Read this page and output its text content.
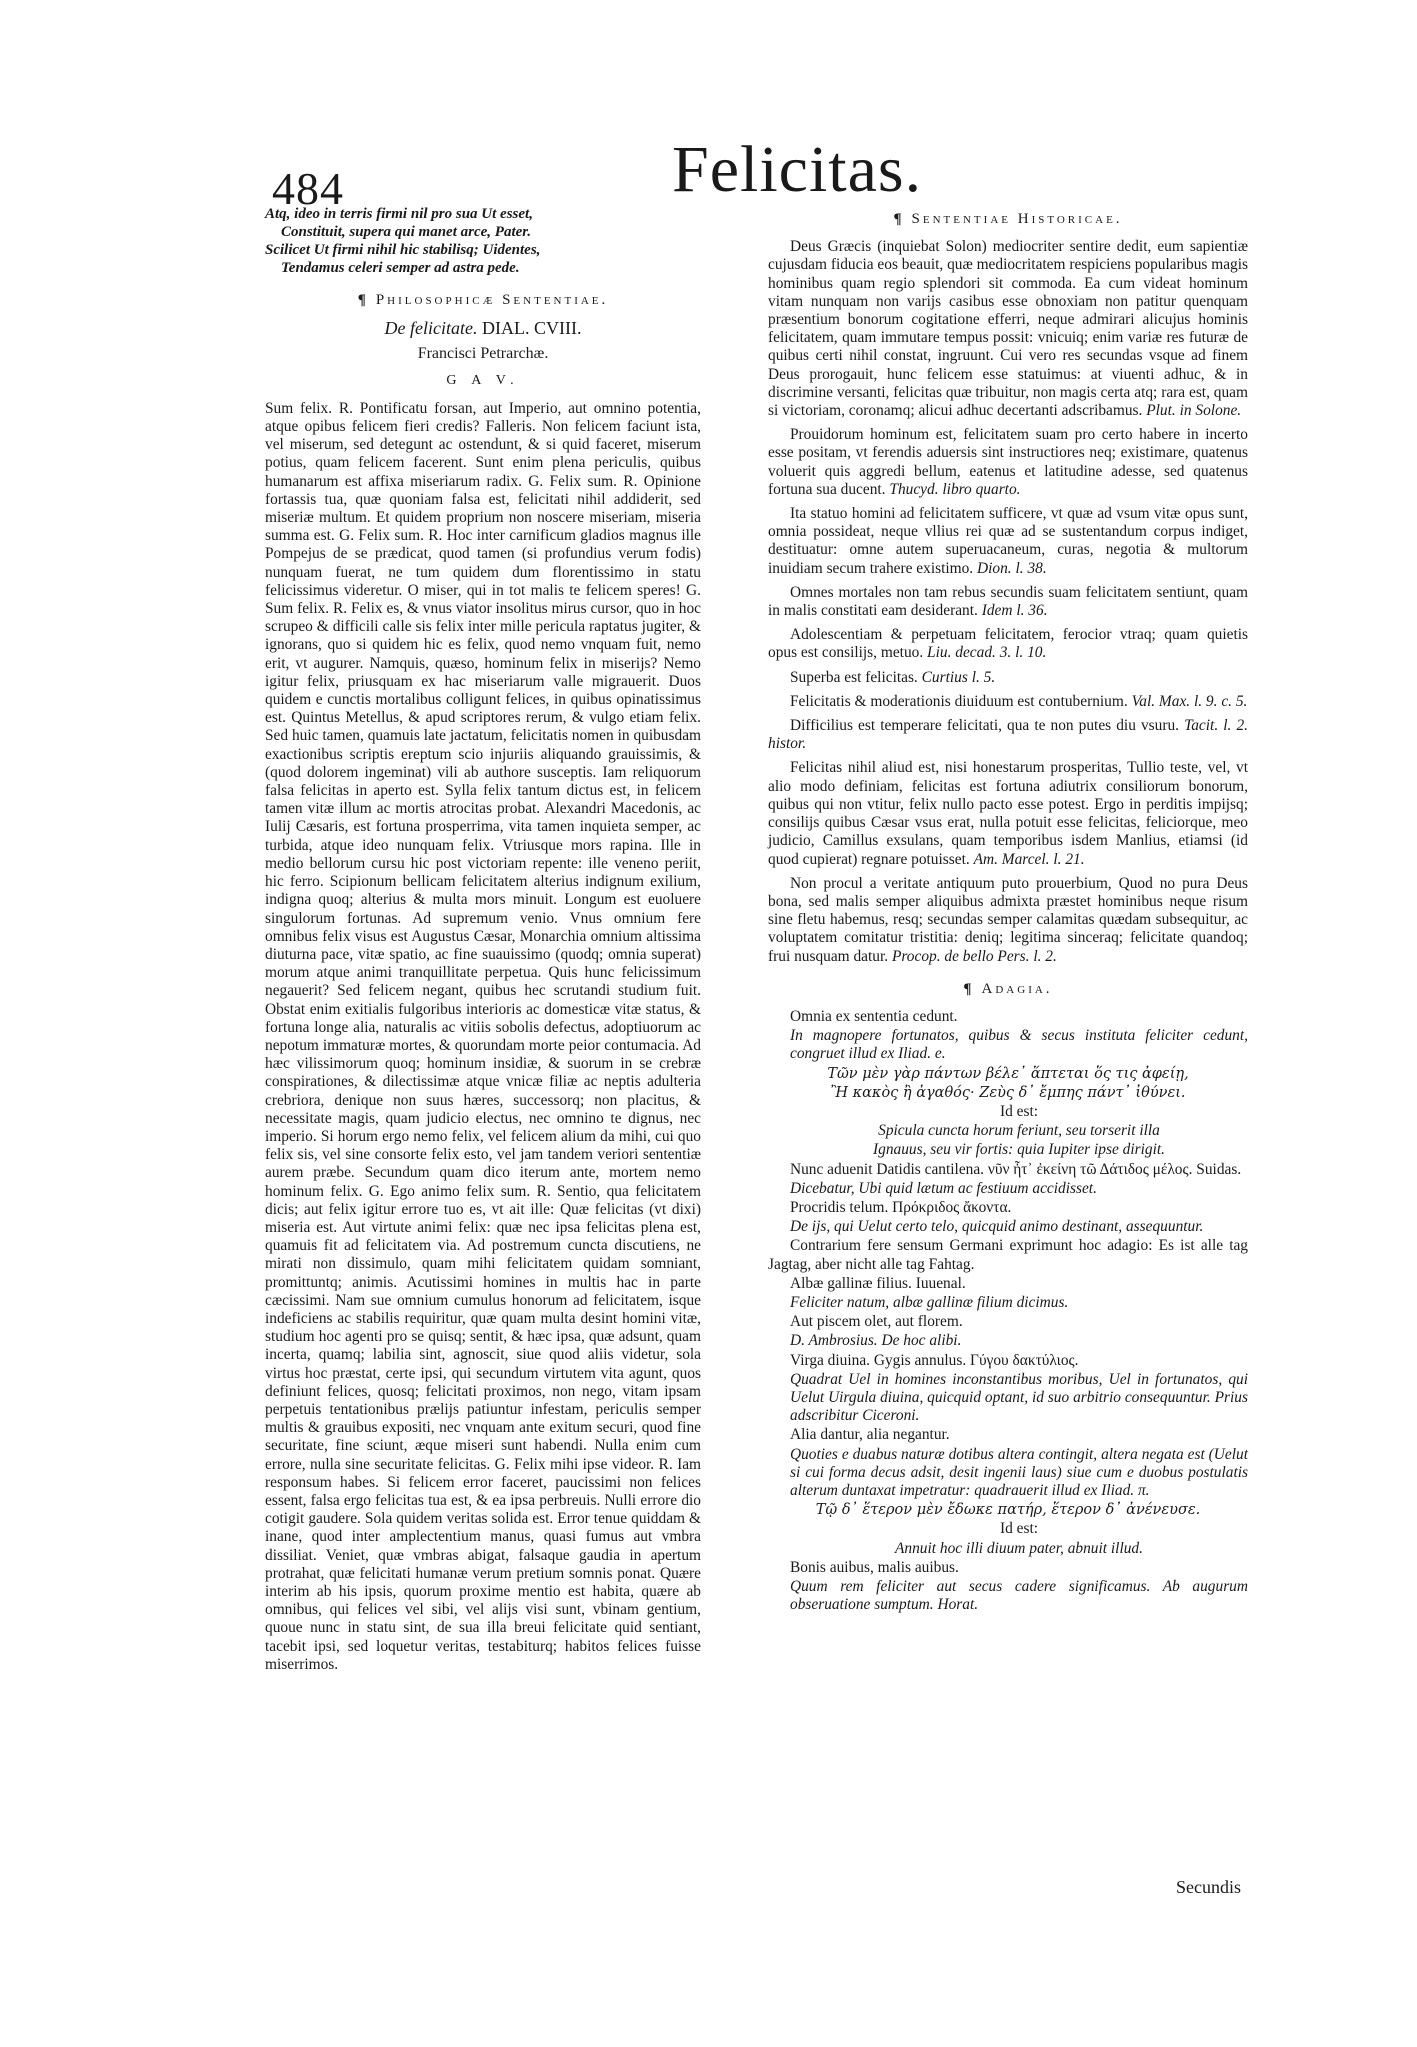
484	Felicitas.

Atq, ideo in terris firmi nil pro sua Ut esset,

Constituit, supera qui manet arce, Pater.

Scilicet Ut firmi nihil hic stabilisq; Uidentes,

Tendamus celeri semper ad astra pede.

¶ Philosophicæ Sententiae.
De felicitate. DIAL. CVIII.
Francisci Petrarchæ.
G A V.

Sum felix. R. Pontificatu forsan, aut Imperio, aut omnino potentia, atque opibus felicem fieri credis? Falleris. Non felicem faciunt ista, vel miserum, sed detegunt ac ostendunt, & si quid faceret, miserum potius, quam felicem facerent. Sunt enim plena periculis, quibus humanarum est affixa miseriarum radix. G. Felix sum. R. Opinione fortassis tua, quæ quoniam falsa est, felicitati nihil addiderit, sed miseriæ multum. Et quidem proprium non noscere miseriam, miseria summa est. G. Felix sum. R. Hoc inter carnificum gladios magnus ille Pompejus de se prædicat, quod tamen (si profundius verum fodis) nunquam fuerat, ne tum quidem dum florentissimo in statu felicissimus videretur. O miser, qui in tot malis te felicem speres! G. Sum felix. R. Felix es, & vnus viator insolitus mirus cursor, quo in hoc scrupeo & difficili calle sis felix inter mille pericula raptatus jugiter, & ignorans, quo si quidem hic es felix, quod nemo vnquam fuit, nemo erit, vt augurer. Namquis, quæso, hominum felix in miserijs? Nemo igitur felix, priusquam ex hac miseriarum valle migrauerit. Duos quidem e cunctis mortalibus colligunt felices, in quibus opinatissimus est. Quintus Metellus, & apud scriptores rerum, & vulgo etiam felix. Sed huic tamen, quamuis late jactatum, felicitatis nomen in quibusdam exactionibus scriptis ereptum scio injuriis aliquando grauissimis, & (quod dolorem ingeminat) vili ab authore susceptis. Iam reliquorum falsa felicitas in aperto est. Sylla felix tantum dictus est, in felicem tamen vitæ illum ac mortis atrocitas probat. Alexandri Macedonis, ac Iulij Cæsaris, est fortuna prosperrima, vita tamen inquieta semper, ac turbida, atque ideo nunquam felix. Vtriusque mors rapina. Ille in medio bellorum cursu hic post victoriam repente: ille veneno periit, hic ferro. Scipionum bellicam felicitatem alterius indignum exilium, indigna quoq; alterius & multa mors minuit. Longum est euoluere singulorum fortunas. Ad supremum venio. Vnus omnium fere omnibus felix visus est Augustus Cæsar, Monarchia omnium altissima diuturna pace, vitæ spatio, ac fine suauissimo (quodq; omnia superat) morum atque animi tranquillitate perpetua. Quis hunc felicissimum negauerit? Sed felicem negant, quibus hec scrutandi studium fuit. Obstat enim exitialis fulgoribus interioris ac domesticæ vitæ status, & fortuna longe alia, naturalis ac vitiis sobolis defectus, adoptiuorum ac nepotum immaturæ mortes, & quorundam morte peior contumacia. Ad hæc vilissimorum quoq; hominum insidiæ, & suorum in se crebræ conspirationes, & dilectissimæ atque vnicæ filiæ ac neptis adulteria crebriora, denique non suus hæres, successorq; non placitus, & necessitate magis, quam judicio electus, nec omnino te dignus, nec imperio. Si horum ergo nemo felix, vel felicem alium da mihi, cui quo felix sis, vel sine consorte felix esto, vel jam tandem veriori sententiæ aurem præbe. Secundum quam dico iterum ante, mortem nemo hominum felix. G. Ego animo felix sum. R. Sentio, qua felicitatem dicis; aut felix igitur errore tuo es, vt ait ille: Quæ felicitas (vt dixi) miseria est. Aut virtute animi felix: quæ nec ipsa felicitas plena est, quamuis fit ad felicitatem via. Ad postremum cuncta discutiens, ne mirati non dissimulo, quam mihi felicitatem quidam somniant, promittuntq; animis. Acutissimi homines in multis hac in parte cæcissimi. Nam sue omnium cumulus honorum ad felicitatem, isque indeficiens ac stabilis requiritur, quæ quam multa desint homini vitæ, studium hoc agenti pro se quisq; sentit, & hæc ipsa, quæ adsunt, quam incerta, quamq; labilia sint, agnoscit, siue quod aliis videtur, sola virtus hoc præstat, certe ipsi, qui secundum virtutem vita agunt, quos definiunt felices, quosq; felicitati proximos, non nego, vitam ipsam perpetuis tentationibus prælijs patiuntur infestam, periculis semper multis & grauibus expositi, nec vnquam ante exitum securi, quod fine securitate, fine sciunt, æque miseri sunt habendi. Nulla enim cum errore, nulla sine securitate felicitas. G. Felix mihi ipse videor. R. Iam responsum habes. Si felicem error faceret, paucissimi non felices essent, falsa ergo felicitas tua est, & ea ipsa perbreuis. Nulli errore dio cotigit gaudere. Sola quidem veritas solida est. Error tenue quiddam & inane, quod inter amplectentium manus, quasi fumus aut vmbra dissiliat. Veniet, quæ vmbras abigat, falsaque gaudia in apertum protrahat, quæ felicitati humanæ verum pretium somnis ponat. Quære interim ab his ipsis, quorum proxime mentio est habita, quære ab omnibus, qui felices vel sibi, vel alijs visi sunt, vbinam gentium, quoue nunc in statu sint, de sua illa breui felicitate quid sentiant, tacebit ipsi, sed loquetur veritas, testabiturq; habitos felices fuisse miserrimos.

¶ Sententiae Historicae.

Deus Græcis (inquiebat Solon) mediocriter sentire dedit, eum sapientiæ cujusdam fiducia eos beauit, quæ mediocritatem respiciens popularibus magis hominibus quam regio splendori sit commoda. Ea cum videat hominum vitam nunquam non varijs casibus esse obnoxiam non patitur quenquam præsentium bonorum cogitatione efferri, neque admirari alicujus hominis felicitatem, quam immutare tempus possit: vnicuiq; enim variæ res futuræ de quibus certi nihil constat, ingruunt. Cui vero res secundas vsque ad finem Deus prorogauit, hunc felicem esse statuimus: at viuenti adhuc, & in discrimine versanti, felicitas quæ tribuitur, non magis certa atq; rara est, quam si victoriam, coronamq; alicui adhuc decertanti adscribamus. Plut. in Solone.

Prouidorum hominum est, felicitatem suam pro certo habere in incerto esse positam, vt ferendis aduersis sint instructiores neq; existimare, quatenus voluerit quis aggredi bellum, eatenus et latitudine adesse, sed quatenus fortuna sua ducent. Thucyd. libro quarto.

Ita statuo homini ad felicitatem sufficere, vt quæ ad vsum vitæ opus sunt, omnia possideat, neque vllius rei quæ ad se sustentandum corpus indiget, destituatur: omne autem superuacaneum, curas, negotia & multorum inuidiam secum trahere existimo. Dion. l. 38.

Omnes mortales non tam rebus secundis suam felicitatem sentiunt, quam in malis constitati eam desiderant. Idem l. 36.

Adolescentiam & perpetuam felicitatem, ferocior vtraq; quam quietis opus est consilijs, metuo. Liu. decad. 3. l. 10.

Superba est felicitas. Curtius l. 5.

Felicitatis & moderationis diuiduum est contubernium. Val. Max. l. 9. c. 5.

Difficilius est temperare felicitati, qua te non putes diu vsuru. Tacit. l. 2. histor.

Felicitas nihil aliud est, nisi honestarum prosperitas, Tullio teste, vel, vt alio modo definiam, felicitas est fortuna adiutrix consiliorum bonorum, quibus qui non vtitur, felix nullo pacto esse potest. Ergo in perditis impijsq; consilijs quibus Cæsar vsus erat, nulla potuit esse felicitas, feliciorque, meo judicio, Camillus exsulans, quam temporibus isdem Manlius, etiamsi (id quod cupierat) regnare potuisset. Am. Marcel. l. 21.

Non procul a veritate antiquum puto prouerbium, Quod no pura Deus bona, sed malis semper aliquibus admixta præstet hominibus neque risum sine fletu habemus, resq; secundas semper calamitas quædam subsequitur, ac voluptatem comitatur tristitia: deniq; legitima sinceraq; felicitate quandoq; frui nusquam datur. Procop. de bello Pers. l. 2.

¶ Adagia.

Omnia ex sententia cedunt.

In magnopere fortunatos, quibus & secus instituta feliciter cedunt, congruet illud ex Iliad. e.

Τῶν μὲν γὰρ πάντων βέλε᾽ ἅπτεται ὅς τις ἀφείῃ,

Ἢ κακὸς ἢ ἀγαθός· Ζεὺς δ᾽ ἔμπης πάντ᾽ ἰθύνει.

Id est:

Spicula cuncta horum feriunt, seu torserit illa

Ignauus, seu vir fortis: quia Iupiter ipse dirigit.

Nunc aduenit Datidis cantilena. νῦν ἦτ᾽ ἐκείνη τῶ Δάτιδος μέλος. Suidas.

Dicebatur, Ubi quid lætum ac festiuum accidisset.

Procridis telum. Πρόκριδος ἄκοντα.

De ijs, qui Uelut certo telo, quicquid animo destinant, assequuntur.

Contrarium fere sensum Germani exprimunt hoc adagio: Es ist alle tag Jagtag, aber nicht alle tag Fahtag.

Albæ gallinæ filius. Iuuenal.

Feliciter natum, albæ gallinæ filium dicimus.

Aut piscem olet, aut florem.

D. Ambrosius. De hoc alibi.

Virga diuina. Gygis annulus. Γύγου δακτύλιος.

Quadrat Uel in homines inconstantibus moribus, Uel in fortunatos, qui Uelut Uirgula diuina, quicquid optant, id suo arbitrio consequuntur. Prius adscribitur Ciceroni.

Alia dantur, alia negantur.

Quoties e duabus naturæ dotibus altera contingit, altera negata est (Uelut si cui forma decus adsit, desit ingenii laus) siue cum e duobus postulatis alterum duntaxat impetratur: quadrauerit illud ex Iliad. π.

Τῷ δ᾽ ἕτερον μὲν ἔδωκε πατήρ, ἕτερον δ᾽ ἀνένευσε.

Id est:

Annuit hoc illi diuum pater, abnuit illud.

Bonis auibus, malis auibus.

Quum rem feliciter aut secus cadere significamus. Ab augurum obseruatione sumptum. Horat.

Secundis
